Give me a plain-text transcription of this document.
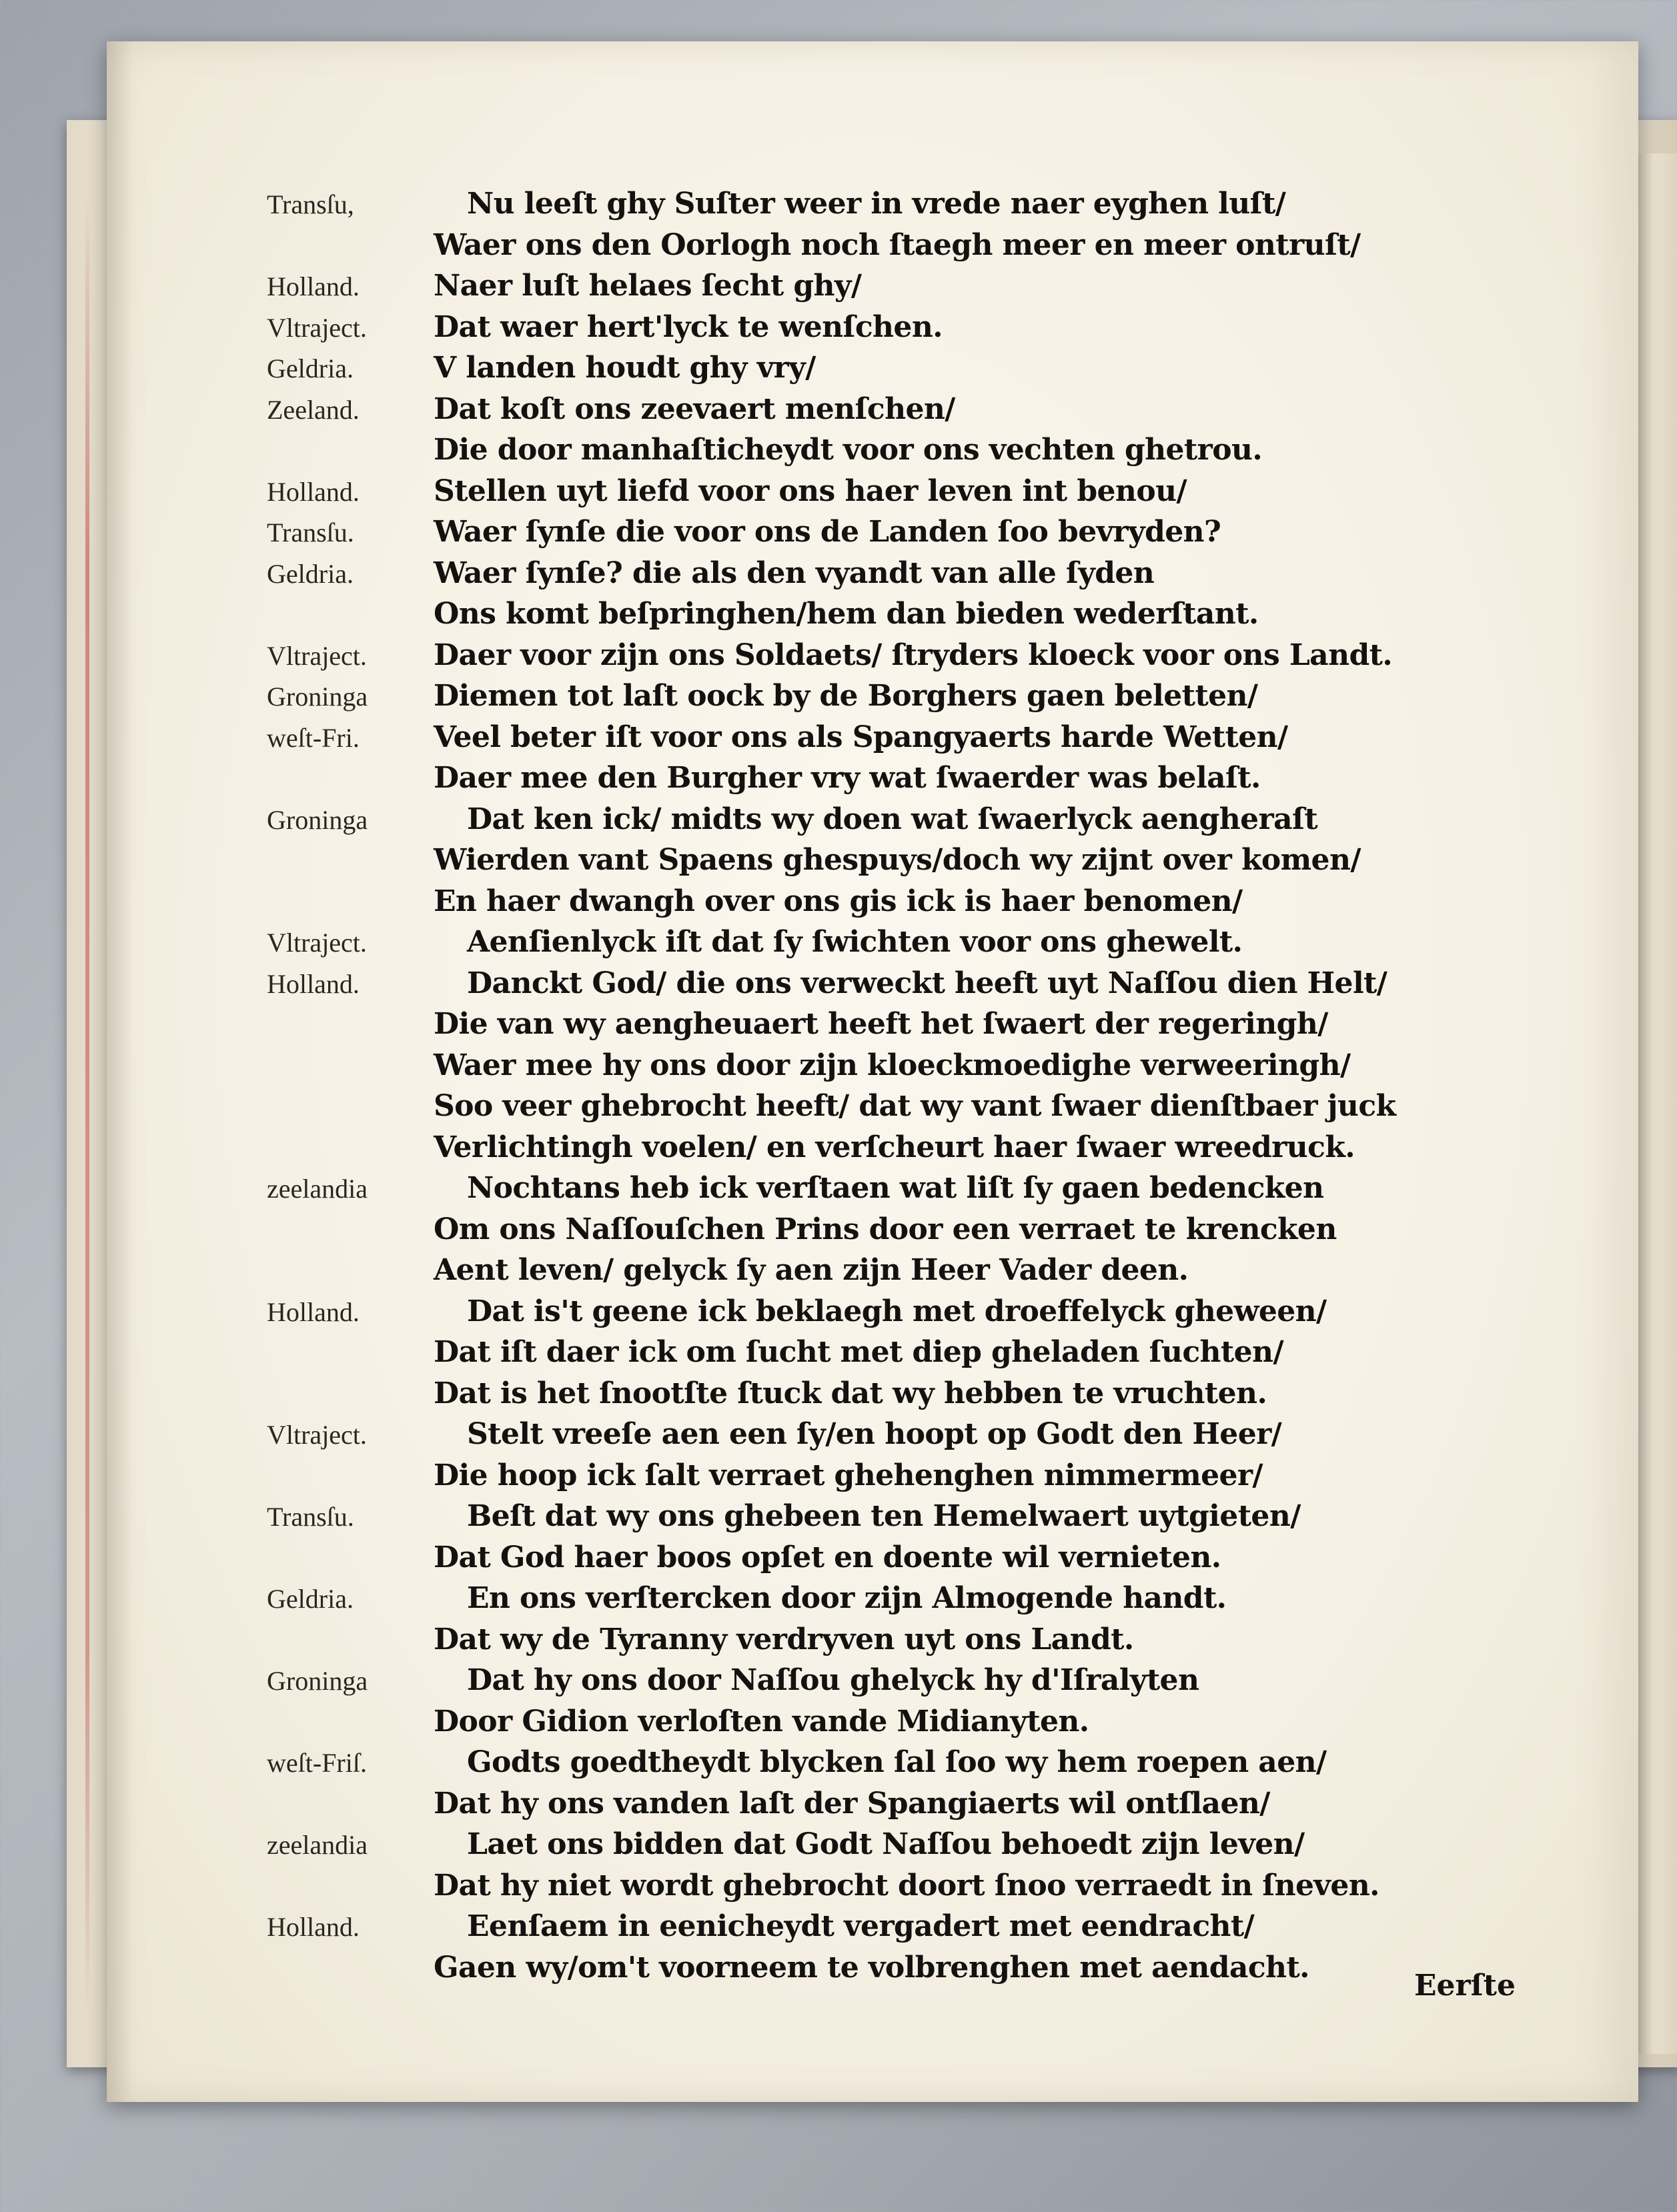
Transſu,	Nu leeſt ghy Suſter weer in vrede naer eyghen luſt/
Waer ons den Oorlogh noch ſtaegh meer en meer ontruſt/
Holland.	Naer luſt helaes ſecht ghy/
Vltraject.	Dat waer hert'lyck te wenſchen.
Geldria.	V landen houdt ghy vry/
Zeeland.	Dat koſt ons zeevaert menſchen/
Die door manhaſticheydt voor ons vechten ghetrou.
Holland.	Stellen uyt liefd voor ons haer leven int benou/
Transſu.	Waer ſynſe die voor ons de Landen ſoo bevryden?
Geldria.	Waer ſynſe? die als den vyandt van alle ſyden
Ons komt beſpringhen/hem dan bieden wederſtant.
Vltraject.	Daer voor zijn ons Soldaets/ ſtryders kloeck voor ons Landt.
Groninga	Diemen tot laſt oock by de Borghers gaen beletten/
weſt-Fri.	Veel beter iſt voor ons als Spangyaerts harde Wetten/
Daer mee den Burgher vry wat ſwaerder was belaſt.
Groninga	Dat ken ick/ midts wy doen wat ſwaerlyck aengheraſt
Wierden vant Spaens ghespuys/doch wy zijnt over komen/
En haer dwangh over ons gis ick is haer benomen/
Vltraject.	Aenſienlyck iſt dat ſy ſwichten voor ons ghewelt.
Holland.	Danckt God/ die ons verweckt heeft uyt Naſſou dien Helt/
Die van wy aengheuaert heeft het ſwaert der regeringh/
Waer mee hy ons door zijn kloeckmoedighe verweeringh/
Soo veer ghebrocht heeft/ dat wy vant ſwaer dienſtbaer juck
Verlichtingh voelen/ en verſcheurt haer ſwaer wreedruck.
zeelandia	Nochtans heb ick verſtaen wat liſt ſy gaen bedencken
Om ons Naſſouſchen Prins door een verraet te krencken
Aent leven/ gelyck ſy aen zijn Heer Vader deen.
Holland.	Dat is't geene ick beklaegh met droeffelyck gheween/
Dat iſt daer ick om ſucht met diep gheladen ſuchten/
Dat is het ſnootſte ſtuck dat wy hebben te vruchten.
Vltraject.	Stelt vreeſe aen een ſy/en hoopt op Godt den Heer/
Die hoop ick ſalt verraet ghehenghen nimmermeer/
Transſu.	Beſt dat wy ons ghebeen ten Hemelwaert uytgieten/
Dat God haer boos opſet en doente wil vernieten.
Geldria.	En ons verſtercken door zijn Almogende handt.
Dat wy de Tyranny verdryven uyt ons Landt.
Groninga	Dat hy ons door Naſſou ghelyck hy d'Iſralyten
Door Gidion verloſten vande Midianyten.
weſt-Friſ.	Godts goedtheydt blycken ſal ſoo wy hem roepen aen/
Dat hy ons vanden laſt der Spangiaerts wil ontſlaen/
zeelandia	Laet ons bidden dat Godt Naſſou behoedt zijn leven/
Dat hy niet wordt ghebrocht doort ſnoo verraedt in ſneven.
Holland.	Eenſaem in eenicheydt vergadert met eendracht/
Gaen wy/om't voorneem te volbrenghen met aendacht.
Eerſte
